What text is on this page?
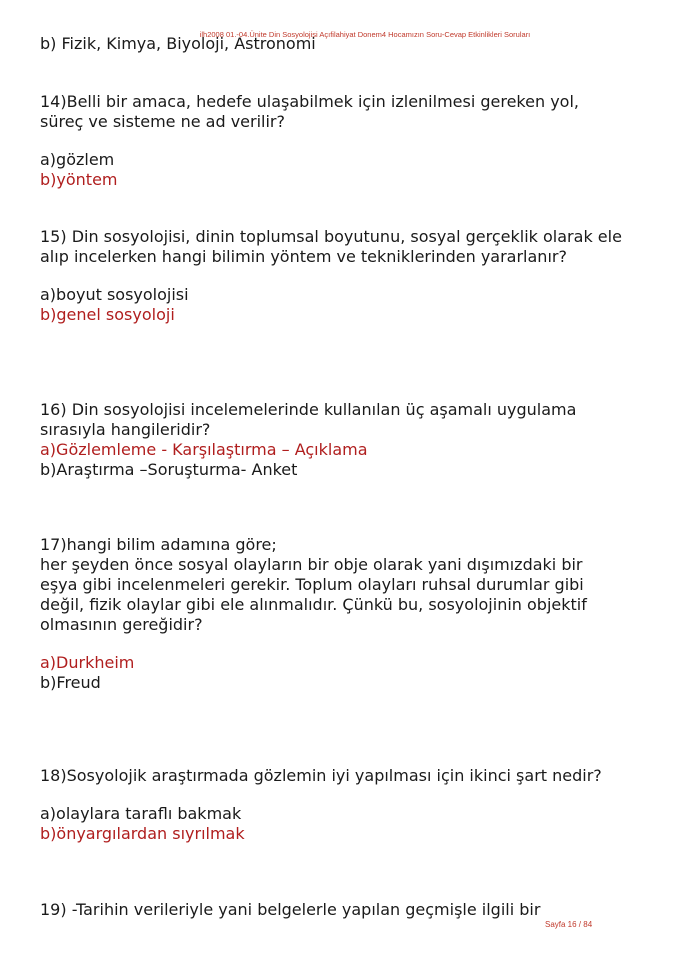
ilh2008 01.-04.Ünite Din Sosyolojisi Açıfilahiyat Donem4 Hocamızın Soru-Cevap Etkinlikleri Soruları

b) Fizik, Kimya, Biyoloji, Astronomi

14)Belli bir amaca, hedefe ulaşabilmek için izlenilmesi gereken yol,

süreç ve sisteme ne ad verilir?

a)gözlem

b)yöntem

15) Din sosyolojisi, dinin toplumsal boyutunu, sosyal gerçeklik olarak ele

alıp incelerken hangi bilimin yöntem ve tekniklerinden yararlanır?

a)boyut sosyolojisi

b)genel sosyoloji

16) Din sosyolojisi incelemelerinde kullanılan üç aşamalı uygulama

sırasıyla hangileridir?

a)Gözlemleme - Karşılaştırma – Açıklama

b)Araştırma –Soruşturma- Anket

17)hangi bilim adamına göre;

her şeyden önce sosyal olayların bir obje olarak yani dışımızdaki bir

eşya gibi incelenmeleri gerekir. Toplum olayları ruhsal durumlar gibi

değil, fizik olaylar gibi ele alınmalıdır. Çünkü bu, sosyolojinin objektif

olmasının gereğidir?

a)Durkheim

b)Freud

18)Sosyolojik araştırmada gözlemin iyi yapılması için ikinci şart nedir?

a)olaylara taraflı bakmak

b)önyargılardan sıyrılmak

19) -Tarihin verileriyle yani belgelerle yapılan geçmişle ilgili bir

Sayfa 16 / 84
